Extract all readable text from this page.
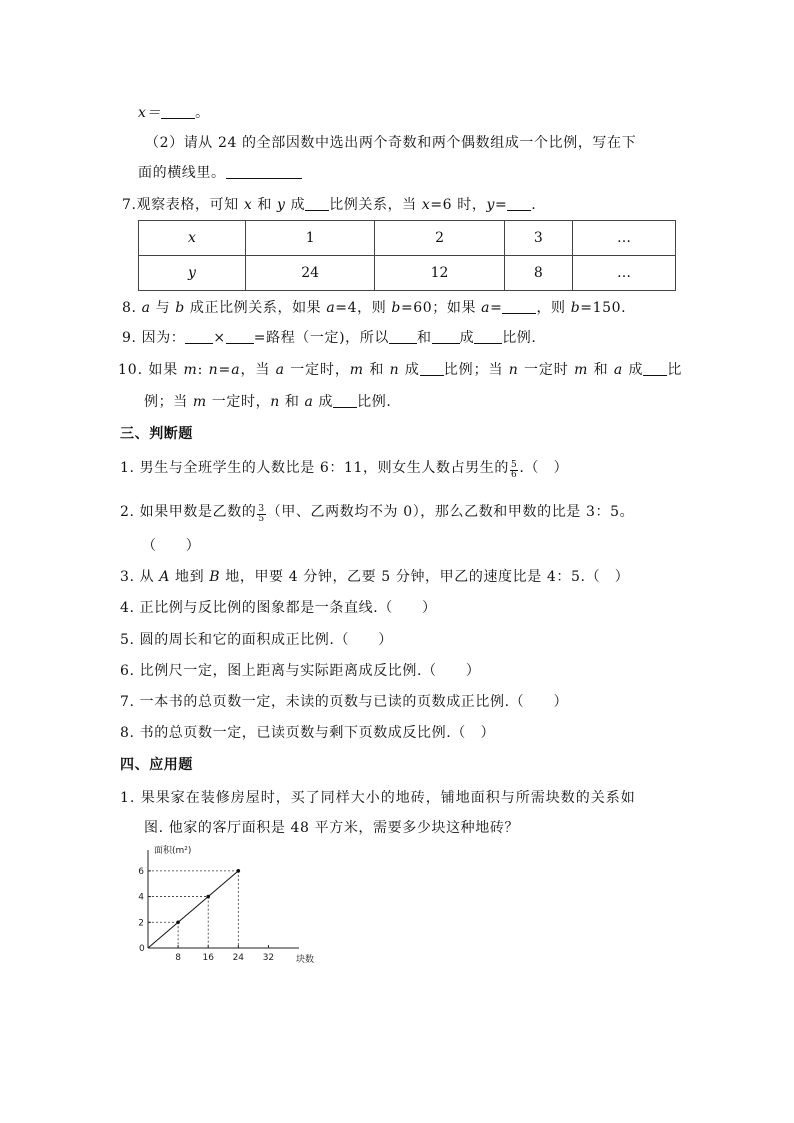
x＝ 。
（2）请从 24 的全部因数中选出两个奇数和两个偶数组成一个比例，写在下
面的横线里。
7.观察表格，可知 x 和 y 成 比例关系，当 x=6 时，y= .
x	1	2	3	…
y	24	12	8	…
8. a 与 b 成正比例关系，如果 a=4，则 b=60；如果 a= ，则 b=150.
9. 因为： × =路程（一定)，所以 和 成 比例.
10. 如果 m: n=a，当 a 一定时，m 和 n 成 比例；当 n 一定时 m 和 a 成 比
例；当 m 一定时，n 和 a 成 比例.
三、判断题
1. 男生与全班学生的人数比是 6：11，则女生人数占男生的 $\frac{5}{6}$ .（　）
2. 如果甲数是乙数的 $\frac{3}{5}$ （甲、乙两数均不为 0），那么乙数和甲数的比是 3：5。
（　　）
3. 从 A 地到 B 地，甲要 4 分钟，乙要 5 分钟，甲乙的速度比是 4：5.（　）
4. 正比例与反比例的图象都是一条直线.（　　）
5. 圆的周长和它的面积成正比例.（　　）
6. 比例尺一定，图上距离与实际距离成反比例.（　　）
7. 一本书的总页数一定，未读的页数与已读的页数成正比例.（　　）
8. 书的总页数一定，已读页数与剩下页数成反比例.（　）
四、应用题
1. 果果家在装修房屋时，买了同样大小的地砖，铺地面积与所需块数的关系如
图. 他家的客厅面积是 48 平方米，需要多少块这种地砖？
面积(m²)
块数
0
8 16 24 32
2
4
6
